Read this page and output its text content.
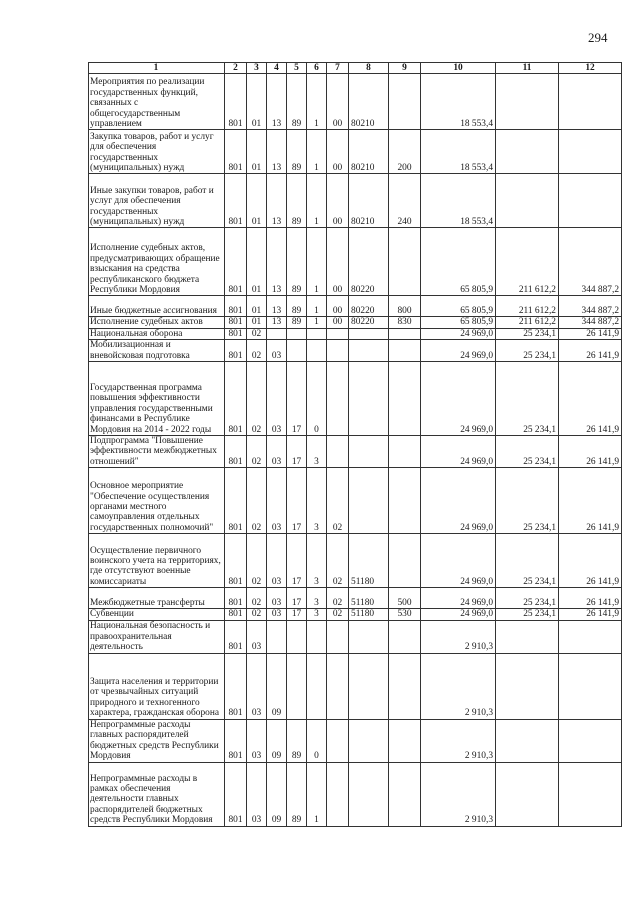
294
1	2	3	4	5	6	7	8	9	10	11	12
Мероприятия по реализации государственных функций, связанных с общегосударственным управлением	801	01	13	89	1	00	80210		18 553,4		
Закупка товаров, работ и услуг для обеспечения государственных (муниципальных) нужд	801	01	13	89	1	00	80210	200	18 553,4		
Иные закупки товаров, работ и услуг для обеспечения государственных (муниципальных) нужд	801	01	13	89	1	00	80210	240	18 553,4		
Исполнение судебных актов, предусматривающих обращение взыскания на средства республиканского бюджета Республики Мордовия	801	01	13	89	1	00	80220		65 805,9	211 612,2	344 887,2
Иные бюджетные ассигнования	801	01	13	89	1	00	80220	800	65 805,9	211 612,2	344 887,2
Исполнение судебных актов	801	01	13	89	1	00	80220	830	65 805,9	211 612,2	344 887,2
Национальная оборона	801	02							24 969,0	25 234,1	26 141,9
Мобилизационная и вневойсковая подготовка	801	02	03						24 969,0	25 234,1	26 141,9
Государственная программа повышения эффективности управления государственными финансами в Республике Мордовия на 2014 - 2022 годы	801	02	03	17	0				24 969,0	25 234,1	26 141,9
Подпрограмма "Повышение эффективности межбюджетных отношений"	801	02	03	17	3				24 969,0	25 234,1	26 141,9
Основное мероприятие "Обеспечение осуществления органами местного самоуправления отдельных государственных полномочий"	801	02	03	17	3	02			24 969,0	25 234,1	26 141,9
Осуществление первичного воинского учета на территориях, где отсутствуют военные комиссариаты	801	02	03	17	3	02	51180		24 969,0	25 234,1	26 141,9
Межбюджетные трансферты	801	02	03	17	3	02	51180	500	24 969,0	25 234,1	26 141,9
Субвенции	801	02	03	17	3	02	51180	530	24 969,0	25 234,1	26 141,9
Национальная безопасность и правоохранительная деятельность	801	03							2 910,3		
Защита населения и территории от чрезвычайных ситуаций природного и техногенного характера, гражданская оборона	801	03	09						2 910,3		
Непрограммные расходы главных распорядителей бюджетных средств Республики Мордовия	801	03	09	89	0				2 910,3		
Непрограммные расходы в рамках обеспечения деятельности главных распорядителей бюджетных средств Республики Мордовия	801	03	09	89	1				2 910,3		
